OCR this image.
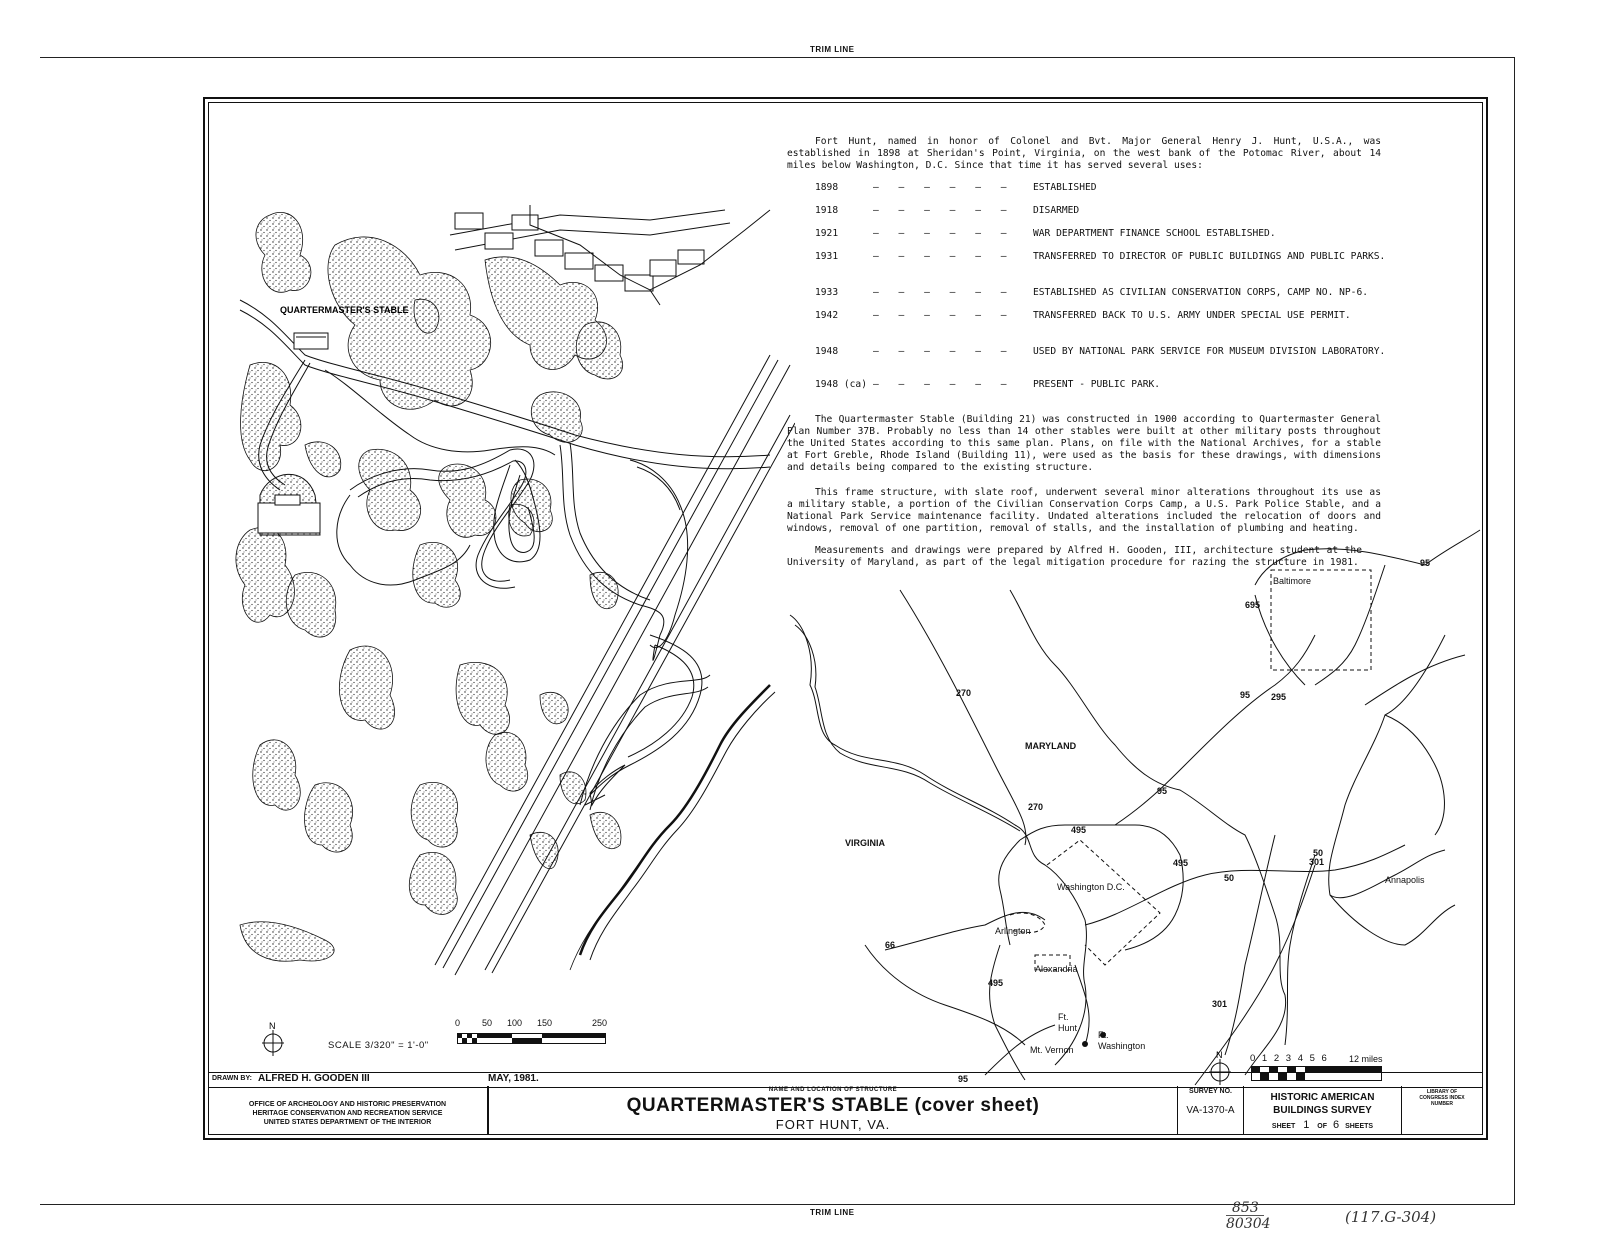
TRIM LINE
TRIM LINE
QUARTERMASTER'S STABLE
N
SCALE 3/320" = 1'-0"
0 50 100 150	250
Fort Hunt, named in honor of Colonel and Bvt. Major General Henry J. Hunt, U.S.A., was established in 1898 at Sheridan's Point, Virginia, on the west bank of the Potomac River, about 14 miles below Washington, D.C. Since that time it has served several uses:
1898	— — — — — — ESTABLISHED
1918	— — — — — — DISARMED
1921	— — — — — — WAR DEPARTMENT FINANCE SCHOOL ESTABLISHED.
1931	— — — — — — TRANSFERRED TO DIRECTOR OF PUBLIC BUILDINGS AND PUBLIC PARKS.
1933	— — — — — — ESTABLISHED AS CIVILIAN CONSERVATION CORPS, CAMP NO. NP-6.
1942	— — — — — — TRANSFERRED BACK TO U.S. ARMY UNDER SPECIAL USE PERMIT.
1948	— — — — — — USED BY NATIONAL PARK SERVICE FOR MUSEUM DIVISION LABORATORY.
1948 (ca) — — — — — — PRESENT - PUBLIC PARK.
The Quartermaster Stable (Building 21) was constructed in 1900 according to Quartermaster General Plan Number 37B. Probably no less than 14 other stables were built at other military posts throughout the United States according to this same plan. Plans, on file with the National Archives, for a stable at Fort Greble, Rhode Island (Building 11), were used as the basis for these drawings, with dimensions and details being compared to the existing structure.
This frame structure, with slate roof, underwent several minor alterations throughout its use as a military stable, a portion of the Civilian Conservation Corps Camp, a U.S. Park Police Stable, and a National Park Service maintenance facility. Undated alterations included the relocation of doors and windows, removal of one partition, removal of stalls, and the installation of plumbing and heating.
Measurements and drawings were prepared by Alfred H. Gooden, III, architecture student at the University of Maryland, as part of the legal mitigation procedure for razing the structure in 1981.
MARYLAND
VIRGINIA
Baltimore
Washington D.C.
Arlington
Alexandria
Annapolis
Ft. Hunt
Ft. Washington
Mt. Vernon
95
695
95 295
270
270
495
95
495
50
50
301
66
495
301
95
N	0 1 2 3 4 5 6 12 miles
DRAWN BY: ALFRED H. GOODEN III	MAY, 1981.
OFFICE OF ARCHEOLOGY AND HISTORIC PRESERVATION
HERITAGE CONSERVATION AND RECREATION SERVICE
UNITED STATES DEPARTMENT OF THE INTERIOR
NAME AND LOCATION OF STRUCTURE
QUARTERMASTER'S STABLE (cover sheet)
FORT HUNT, VA.
SURVEY NO.
VA-1370-A
HISTORIC AMERICAN
BUILDINGS SURVEY
SHEET 1 OF 6 SHEETS
LIBRARY OF CONGRESS INDEX NUMBER
853
80304	(117.G-304)
